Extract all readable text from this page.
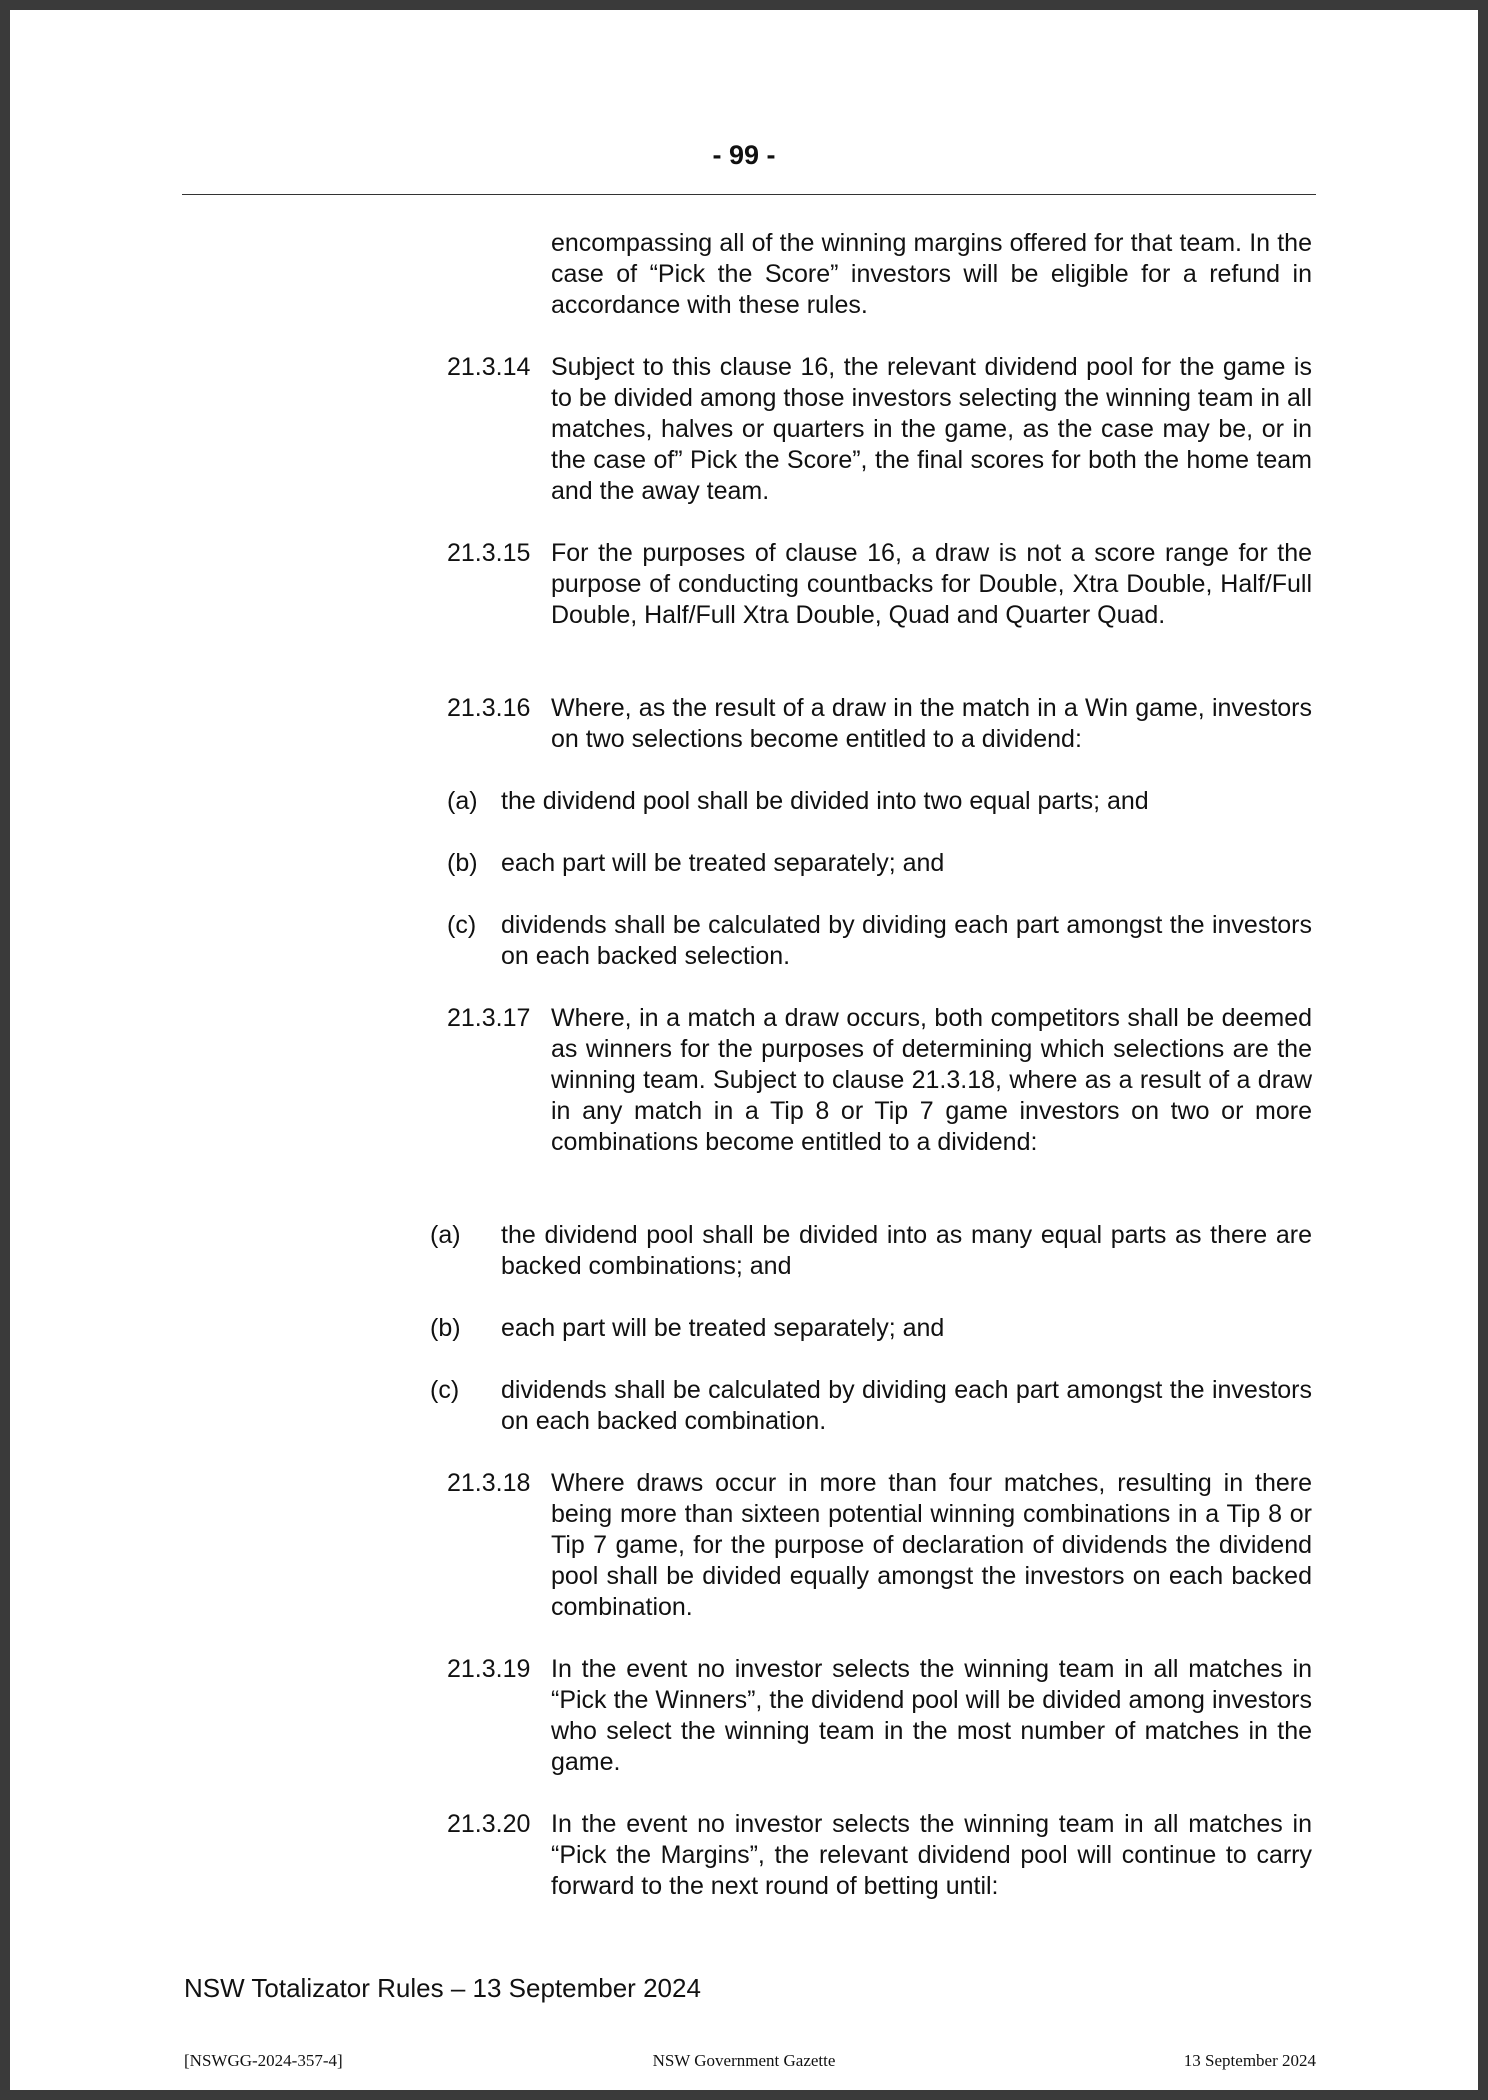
- 99 -
encompassing all of the winning margins offered for that team. In the case of “Pick the Score” investors will be eligible for a refund in accordance with these rules.
21.3.14 Subject to this clause 16, the relevant dividend pool for the game is to be divided among those investors selecting the winning team in all matches, halves or quarters in the game, as the case may be, or in the case of” Pick the Score”, the final scores for both the home team and the away team.
21.3.15 For the purposes of clause 16, a draw is not a score range for the purpose of conducting countbacks for Double, Xtra Double, Half/Full Double, Half/Full Xtra Double, Quad and Quarter Quad.
21.3.16 Where, as the result of a draw in the match in a Win game, investors on two selections become entitled to a dividend:
(a) the dividend pool shall be divided into two equal parts; and
(b) each part will be treated separately; and
(c) dividends shall be calculated by dividing each part amongst the investors on each backed selection.
21.3.17 Where, in a match a draw occurs, both competitors shall be deemed as winners for the purposes of determining which selections are the winning team. Subject to clause 21.3.18, where as a result of a draw in any match in a Tip 8 or Tip 7 game investors on two or more combinations become entitled to a dividend:
(a) the dividend pool shall be divided into as many equal parts as there are backed combinations; and
(b) each part will be treated separately; and
(c) dividends shall be calculated by dividing each part amongst the investors on each backed combination.
21.3.18 Where draws occur in more than four matches, resulting in there being more than sixteen potential winning combinations in a Tip 8 or Tip 7 game, for the purpose of declaration of dividends the dividend pool shall be divided equally amongst the investors on each backed combination.
21.3.19 In the event no investor selects the winning team in all matches in “Pick the Winners”, the dividend pool will be divided among investors who select the winning team in the most number of matches in the game.
21.3.20 In the event no investor selects the winning team in all matches in “Pick the Margins”, the relevant dividend pool will continue to carry forward to the next round of betting until:
NSW Totalizator Rules – 13 September 2024
[NSWGG-2024-357-4]	NSW Government Gazette	13 September 2024
